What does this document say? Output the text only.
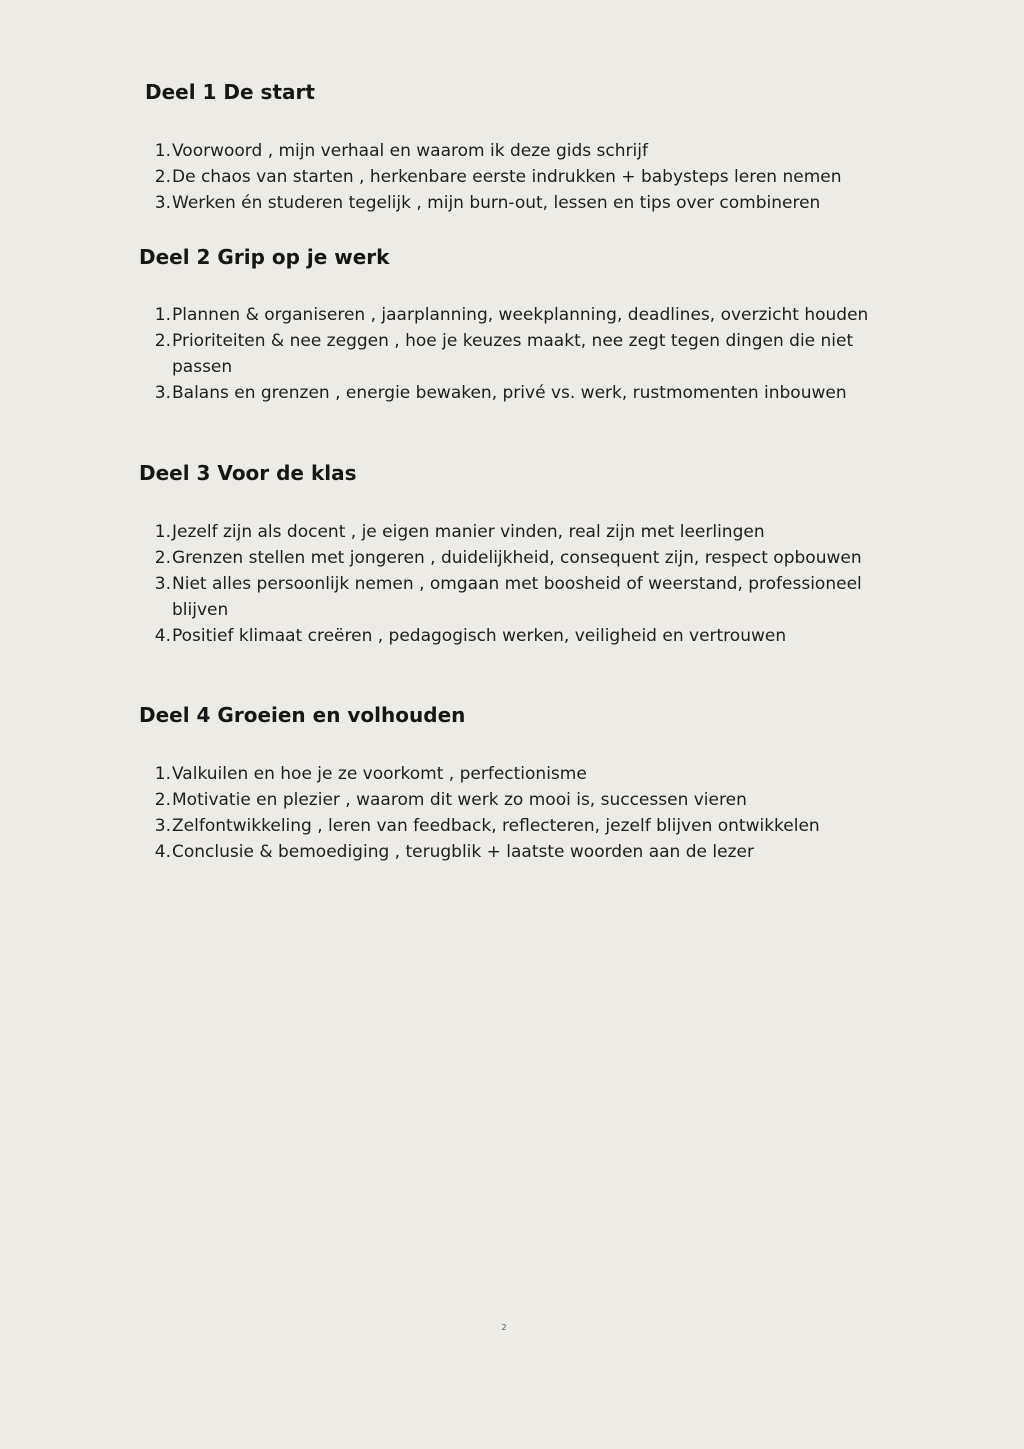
Deel 1 De start
1. Voorwoord , mijn verhaal en waarom ik deze gids schrijf
2. De chaos van starten , herkenbare eerste indrukken + babysteps leren nemen
3. Werken én studeren tegelijk , mijn burn-out, lessen en tips over combineren
Deel 2 Grip op je werk
1. Plannen & organiseren , jaarplanning, weekplanning, deadlines, overzicht houden
2. Prioriteiten & nee zeggen , hoe je keuzes maakt, nee zegt tegen dingen die niet passen
3. Balans en grenzen , energie bewaken, privé vs. werk, rustmomenten inbouwen
Deel 3 Voor de klas
1. Jezelf zijn als docent , je eigen manier vinden, real zijn met leerlingen
2. Grenzen stellen met jongeren , duidelijkheid, consequent zijn, respect opbouwen
3. Niet alles persoonlijk nemen , omgaan met boosheid of weerstand, professioneel blijven
4. Positief klimaat creëren , pedagogisch werken, veiligheid en vertrouwen
Deel 4 Groeien en volhouden
1. Valkuilen en hoe je ze voorkomt , perfectionisme
2. Motivatie en plezier , waarom dit werk zo mooi is, successen vieren
3. Zelfontwikkeling , leren van feedback, reflecteren, jezelf blijven ontwikkelen
4. Conclusie & bemoediging , terugblik + laatste woorden aan de lezer
2
